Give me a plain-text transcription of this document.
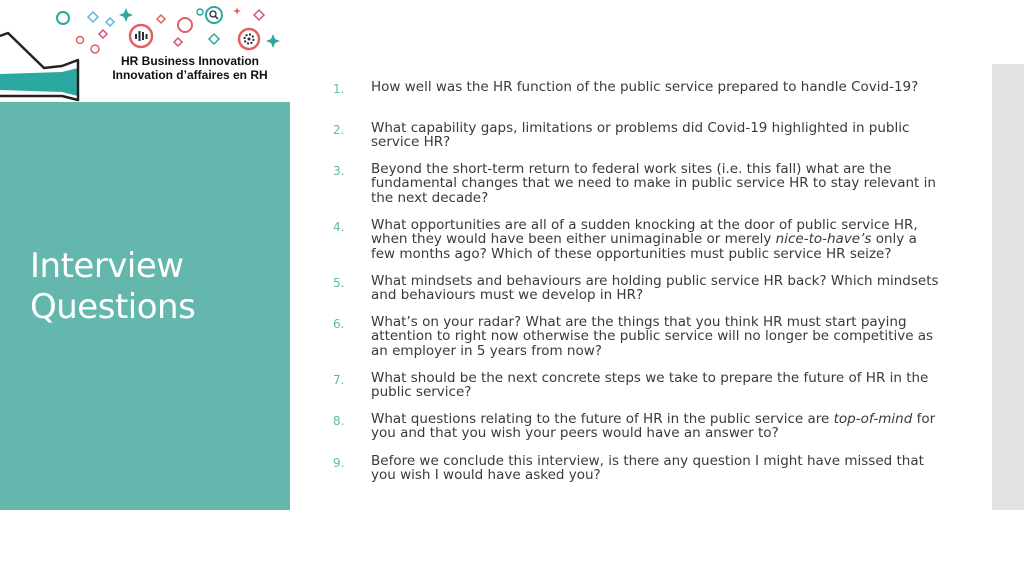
HR Business Innovation
Innovation d’affaires en RH
Interview
Questions
1. How well was the HR function of the public service prepared to handle Covid-19?
2. What capability gaps, limitations or problems did Covid-19 highlighted in public service HR?
3. Beyond the short-term return to federal work sites (i.e. this fall) what are the fundamental changes that we need to make in public service HR to stay relevant in the next decade?
4. What opportunities are all of a sudden knocking at the door of public service HR, when they would have been either unimaginable or merely nice-to-have’s only a few months ago? Which of these opportunities must public service HR seize?
5. What mindsets and behaviours are holding public service HR back? Which mindsets and behaviours must we develop in HR?
6. What’s on your radar? What are the things that you think HR must start paying attention to right now otherwise the public service will no longer be competitive as an employer in 5 years from now?
7. What should be the next concrete steps we take to prepare the future of HR in the public service?
8. What questions relating to the future of HR in the public service are top-of-mind for you and that you wish your peers would have an answer to?
9. Before we conclude this interview, is there any question I might have missed that you wish I would have asked you?
